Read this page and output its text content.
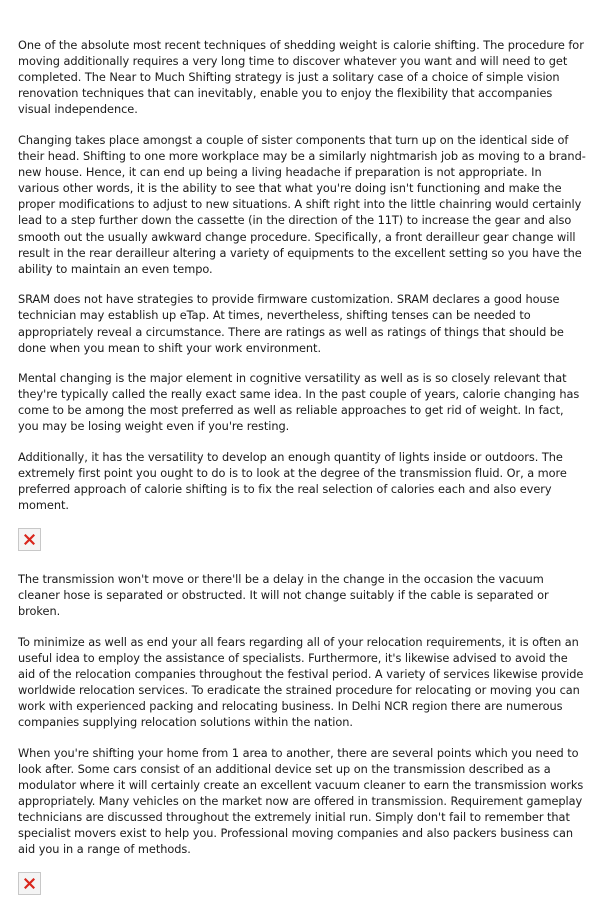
One of the absolute most recent techniques of shedding weight is calorie shifting. The procedure for moving additionally requires a very long time to discover whatever you want and will need to get completed. The Near to Much Shifting strategy is just a solitary case of a choice of simple vision renovation techniques that can inevitably, enable you to enjoy the flexibility that accompanies visual independence.

Changing takes place amongst a couple of sister components that turn up on the identical side of their head. Shifting to one more workplace may be a similarly nightmarish job as moving to a brand-new house. Hence, it can end up being a living headache if preparation is not appropriate. In various other words, it is the ability to see that what you're doing isn't functioning and make the proper modifications to adjust to new situations. A shift right into the little chainring would certainly lead to a step further down the cassette (in the direction of the 11T) to increase the gear and also smooth out the usually awkward change procedure. Specifically, a front derailleur gear change will result in the rear derailleur altering a variety of equipments to the excellent setting so you have the ability to maintain an even tempo.

SRAM does not have strategies to provide firmware customization. SRAM declares a good house technician may establish up eTap. At times, nevertheless, shifting tenses can be needed to appropriately reveal a circumstance. There are ratings as well as ratings of things that should be done when you mean to shift your work environment.

Mental changing is the major element in cognitive versatility as well as is so closely relevant that they're typically called the really exact same idea. In the past couple of years, calorie changing has come to be among the most preferred as well as reliable approaches to get rid of weight. In fact, you may be losing weight even if you're resting.

Additionally, it has the versatility to develop an enough quantity of lights inside or outdoors. The extremely first point you ought to do is to look at the degree of the transmission fluid. Or, a more preferred approach of calorie shifting is to fix the real selection of calories each and also every moment.

The transmission won't move or there'll be a delay in the change in the occasion the vacuum cleaner hose is separated or obstructed. It will not change suitably if the cable is separated or broken.

To minimize as well as end your all fears regarding all of your relocation requirements, it is often an useful idea to employ the assistance of specialists. Furthermore, it's likewise advised to avoid the aid of the relocation companies throughout the festival period. A variety of services likewise provide worldwide relocation services. To eradicate the strained procedure for relocating or moving you can work with experienced packing and relocating business. In Delhi NCR region there are numerous companies supplying relocation solutions within the nation.

When you're shifting your home from 1 area to another, there are several points which you need to look after. Some cars consist of an additional device set up on the transmission described as a modulator where it will certainly create an excellent vacuum cleaner to earn the transmission works appropriately. Many vehicles on the market now are offered in transmission. Requirement gameplay technicians are discussed throughout the extremely initial run. Simply don't fail to remember that specialist movers exist to help you. Professional moving companies and also packers business can aid you in a range of methods.
